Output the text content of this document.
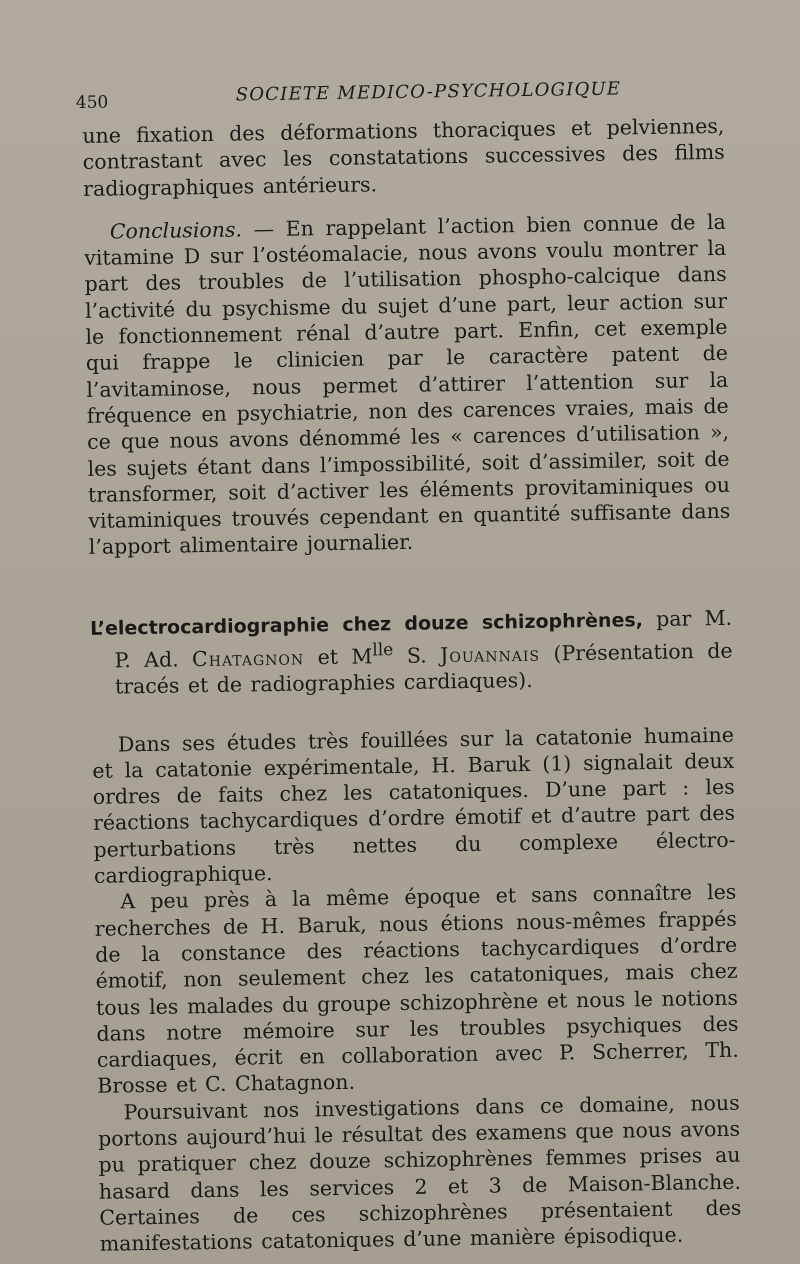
450	SOCIETE MEDICO-PSYCHOLOGIQUE

une fixation des déformations thoraciques et pelviennes, contrastant avec les constatations successives des films radiographiques antérieurs.

Conclusions. — En rappelant l’action bien connue de la vitamine D sur l’ostéomalacie, nous avons voulu montrer la part des troubles de l’utilisation phospho-calcique dans l’activité du psychisme du sujet d’une part, leur action sur le fonctionnement rénal d’autre part. Enfin, cet exemple qui frappe le clinicien par le caractère patent de l’avitaminose, nous permet d’attirer l’attention sur la fréquence en psychiatrie, non des carences vraies, mais de ce que nous avons dénommé les « carences d’utilisation », les sujets étant dans l’impossibilité, soit d’assimiler, soit de transformer, soit d’activer les éléments provitaminiques ou vitaminiques trouvés cependant en quantité suffisante dans l’apport alimentaire journalier.

L’electrocardiographie chez douze schizophrènes, par M. P. Ad. Chatagnon et $M^{lle}$ S. Jouannais (Présentation de tracés et de radiographies cardiaques).

Dans ses études très fouillées sur la catatonie humaine et la catatonie expérimentale, H. Baruk (1) signalait deux ordres de faits chez les catatoniques. D’une part : les réactions tachycardiques d’ordre émotif et d’autre part des perturbations très nettes du complexe électro-cardiographique.

A peu près à la même époque et sans connaître les recherches de H. Baruk, nous étions nous-mêmes frappés de la constance des réactions tachycardiques d’ordre émotif, non seulement chez les catatoniques, mais chez tous les malades du groupe schizophrène et nous le notions dans notre mémoire sur les troubles psychiques des cardiaques, écrit en collaboration avec P. Scherrer, Th. Brosse et C. Chatagnon.

Poursuivant nos investigations dans ce domaine, nous portons aujourd’hui le résultat des examens que nous avons pu pratiquer chez douze schizophrènes femmes prises au hasard dans les services 2 et 3 de Maison-Blanche. Certaines de ces schizophrènes présentaient des manifestations catatoniques d’une manière épisodique.
